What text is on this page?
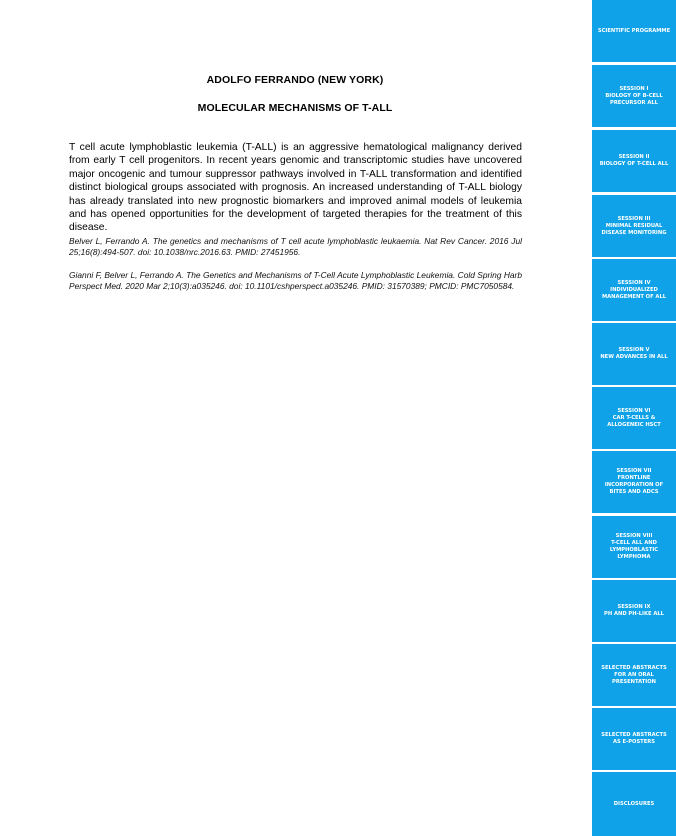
ADOLFO FERRANDO (NEW YORK)
MOLECULAR MECHANISMS OF T-ALL

T cell acute lymphoblastic leukemia (T-ALL) is an aggressive hematological malignancy derived from early T cell progenitors. In recent years genomic and transcriptomic studies have uncovered major oncogenic and tumour suppressor pathways involved in T-ALL transformation and identified distinct biological groups associated with prognosis. An increased understanding of T-ALL biology has already translated into new prognostic biomarkers and improved animal models of leukemia and has opened opportunities for the development of targeted therapies for the treatment of this disease.

Belver L, Ferrando A. The genetics and mechanisms of T cell acute lymphoblastic leukaemia. Nat Rev Cancer. 2016 Jul 25;16(8):494-507. doi: 10.1038/nrc.2016.63. PMID: 27451956.

Gianni F, Belver L, Ferrando A. The Genetics and Mechanisms of T-Cell Acute Lymphoblastic Leukemia. Cold Spring Harb Perspect Med. 2020 Mar 2;10(3):a035246. doi: 10.1101/cshperspect.a035246. PMID: 31570389; PMCID: PMC7050584.

SCIENTIFIC PROGRAMME
SESSION I
BIOLOGY OF B-CELL
PRECURSOR ALL
SESSION II
BIOLOGY OF T-CELL ALL
SESSION III
MINIMAL RESIDUAL
DISEASE MONITORING
SESSION IV
INDIVIDUALIZED
MANAGEMENT OF ALL
SESSION V
NEW ADVANCES IN ALL
SESSION VI
CAR T-CELLS &
ALLOGENEIC HSCT
SESSION VII
FRONTLINE
INCORPORATION OF
BITES AND ADCS
SESSION VIII
T-CELL ALL AND
LYMPHOBLASTIC
LYMPHOMA
SESSION IX
PH AND PH-LIKE ALL
SELECTED ABSTRACTS
FOR AN ORAL
PRESENTATION
SELECTED ABSTRACTS
AS E-POSTERS
DISCLOSURES
